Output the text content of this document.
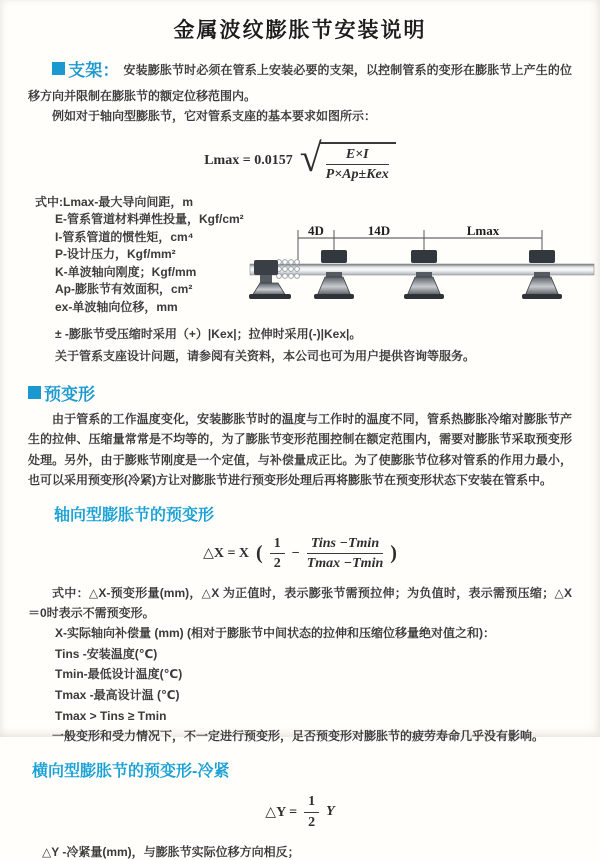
金属波纹膨胀节安装说明

支架： 安装膨胀节时必须在管系上安装必要的支架，以控制管系的变形在膨胀节上产生的位移方向并限制在膨胀节的额定位移范围内。

例如对于轴向型膨胀节，它对管系支座的基本要求如图所示：

Lmax = 0.0157 √ $\frac{E\times I}{\text{P×Ap±Kex}}$

式中:Lmax-最大导向间距，m

E-管系管道材料弹性投量，Kgf/cm²

I-管系管道的惯性矩，cm⁴

P-设计压力，Kgf/mm²

K-单波轴向刚度；Kgf/mm

Ap-膨胀节有效面积，cm²

ex-单波轴向位移，mm

4D	14D	Lmax

± -膨胀节受压缩时采用（+）|Kex|；拉伸时采用(-)|Kex|。

关于管系支座设计问题，请参阅有关资料，本公司也可为用户提供咨询等服务。

预变形

由于管系的工作温度变化，安装膨胀节时的温度与工作时的温度不同，管系热膨胀冷缩对膨胀节产生的拉伸、压缩量常常是不均等的，为了膨胀节变形范围控制在额定范围内，需要对膨胀节采取预变形处理。另外，由于膨账节刚度是一个定值，与补偿量成正比。为了使膨胀节位移对管系的作用力最小，也可以采用预变形(冷紧)方让对膨胀节进行预变形处理后再将膨胀节在预变形状态下安装在管系中。

轴向型膨胀节的预变形
△X = X ( $\frac{1}{2} - \frac{\text{Tins −Tmin}}{Tmax -Tmin}$ )

式中：△X-预变形量(mm)，△X 为正值时，表示膨张节需预拉伸；为负值时，表示需预压缩；△X＝0时表示不需预变形。

X-实际轴向补偿量 (mm) (相对于膨胀节中间状态的拉伸和压缩位移量绝对值之和)：

Tins -安装温度(℃)

Tmin-最低设计温度(℃)

Tmax -最高设计温 (℃)

Tmax > Tins ≥ Tmin

一般变形和受力情况下，不一定进行预变形，足否预变形对膨胀节的疲劳寿命几乎没有影响。

横向型膨胀节的预变形-冷紧
△Y = $\frac{1}{2}$ Y

△Y -冷紧量(mm)，与膨胀节实际位移方向相反；
